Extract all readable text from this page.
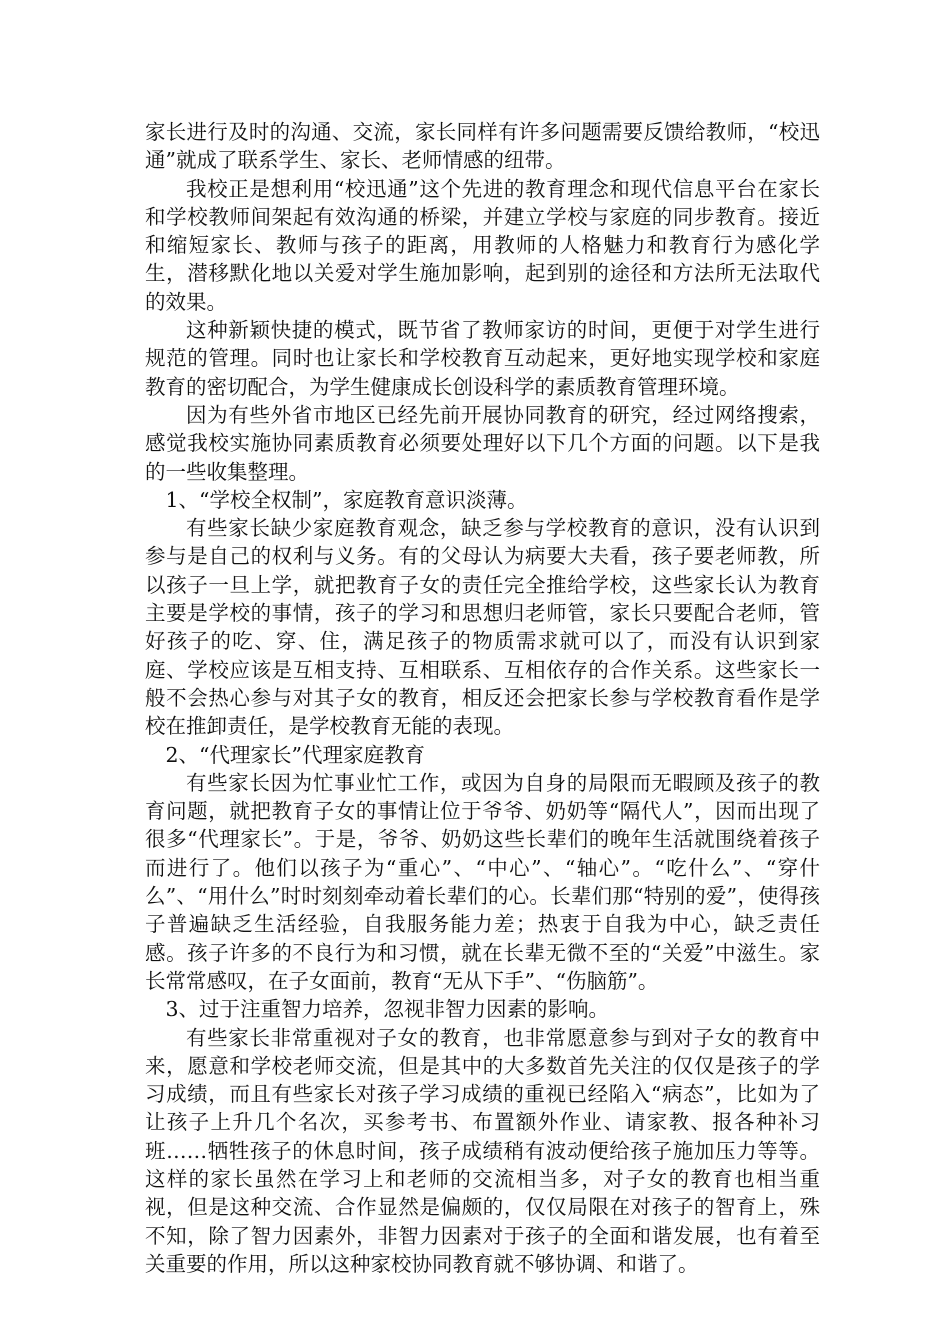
家长进行及时的沟通、交流，家长同样有许多问题需要反馈给教师，“校迅通”就成了联系学生、家长、老师情感的纽带。

我校正是想利用“校迅通”这个先进的教育理念和现代信息平台在家长和学校教师间架起有效沟通的桥梁，并建立学校与家庭的同步教育。接近和缩短家长、教师与孩子的距离，用教师的人格魅力和教育行为感化学生，潜移默化地以关爱对学生施加影响，起到别的途径和方法所无法取代的效果。

这种新颖快捷的模式，既节省了教师家访的时间，更便于对学生进行规范的管理。同时也让家长和学校教育互动起来，更好地实现学校和家庭教育的密切配合，为学生健康成长创设科学的素质教育管理环境。

因为有些外省市地区已经先前开展协同教育的研究，经过网络搜索，感觉我校实施协同素质教育必须要处理好以下几个方面的问题。以下是我的一些收集整理。

1、“学校全权制”，家庭教育意识淡薄。

有些家长缺少家庭教育观念，缺乏参与学校教育的意识，没有认识到参与是自己的权利与义务。有的父母认为病要大夫看，孩子要老师教，所以孩子一旦上学，就把教育子女的责任完全推给学校，这些家长认为教育主要是学校的事情，孩子的学习和思想归老师管，家长只要配合老师，管好孩子的吃、穿、住，满足孩子的物质需求就可以了，而没有认识到家庭、学校应该是互相支持、互相联系、互相依存的合作关系。这些家长一般不会热心参与对其子女的教育，相反还会把家长参与学校教育看作是学校在推卸责任，是学校教育无能的表现。

2、“代理家长”代理家庭教育

有些家长因为忙事业忙工作，或因为自身的局限而无暇顾及孩子的教育问题，就把教育子女的事情让位于爷爷、奶奶等“隔代人”，因而出现了很多“代理家长”。于是，爷爷、奶奶这些长辈们的晚年生活就围绕着孩子而进行了。他们以孩子为“重心”、“中心”、“轴心”。“吃什么”、“穿什么”、“用什么”时时刻刻牵动着长辈们的心。长辈们那“特别的爱”，使得孩子普遍缺乏生活经验，自我服务能力差；热衷于自我为中心，缺乏责任感。孩子许多的不良行为和习惯，就在长辈无微不至的“关爱”中滋生。家长常常感叹，在子女面前，教育“无从下手”、“伤脑筋”。

3、过于注重智力培养，忽视非智力因素的影响。

有些家长非常重视对子女的教育，也非常愿意参与到对子女的教育中来，愿意和学校老师交流，但是其中的大多数首先关注的仅仅是孩子的学习成绩，而且有些家长对孩子学习成绩的重视已经陷入“病态”，比如为了让孩子上升几个名次，买参考书、布置额外作业、请家教、报各种补习班……牺牲孩子的休息时间，孩子成绩稍有波动便给孩子施加压力等等。这样的家长虽然在学习上和老师的交流相当多，对子女的教育也相当重视，但是这种交流、合作显然是偏颇的，仅仅局限在对孩子的智育上，殊不知，除了智力因素外，非智力因素对于孩子的全面和谐发展，也有着至关重要的作用，所以这种家校协同教育就不够协调、和谐了。
